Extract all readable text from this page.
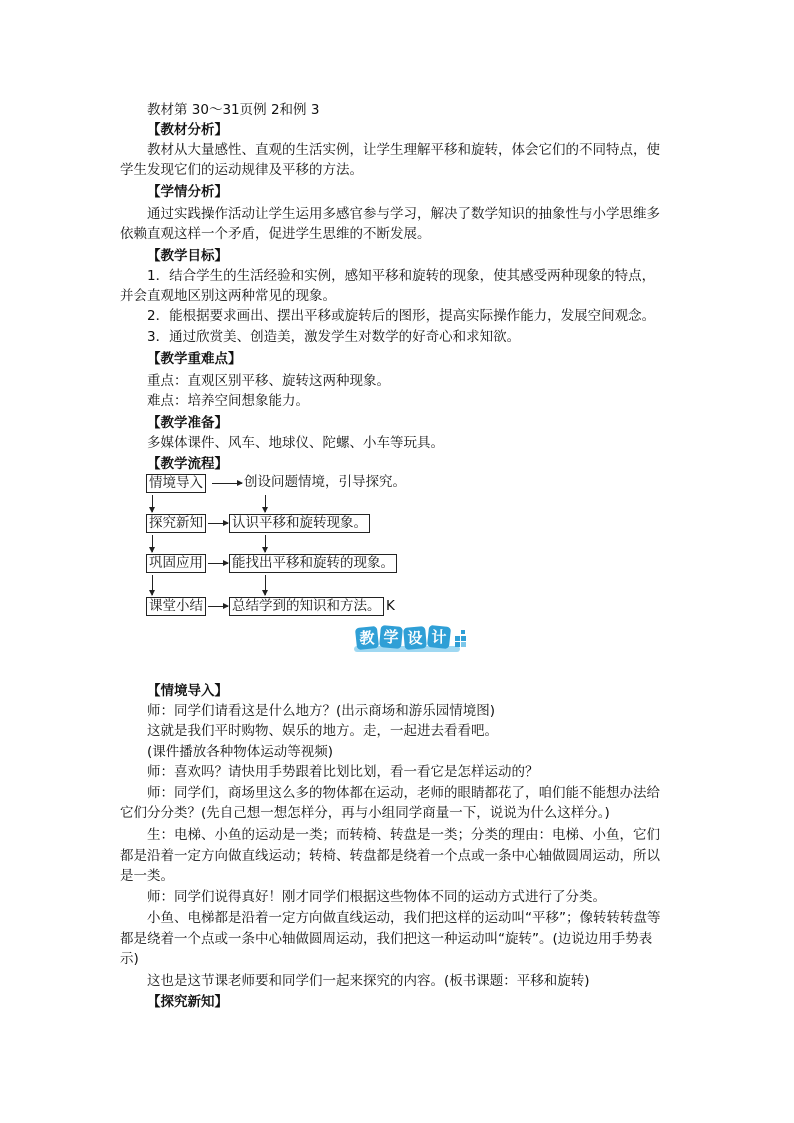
教材第 30～31页例 2和例 3
【教材分析】
教材从大量感性、直观的生活实例，让学生理解平移和旋转，体会它们的不同特点，使
学生发现它们的运动规律及平移的方法。
【学情分析】
通过实践操作活动让学生运用多感官参与学习，解决了数学知识的抽象性与小学思维多
依赖直观这样一个矛盾，促进学生思维的不断发展。
【教学目标】
1．结合学生的生活经验和实例，感知平移和旋转的现象，使其感受两种现象的特点，
并会直观地区别这两种常见的现象。
2．能根据要求画出、摆出平移或旋转后的图形，提高实际操作能力，发展空间观念。
3．通过欣赏美、创造美，激发学生对数学的好奇心和求知欲。
【教学重难点】
重点：直观区别平移、旋转这两种现象。
难点：培养空间想象能力。
【教学准备】
多媒体课件、风车、地球仪、陀螺、小车等玩具。
【教学流程】
情境导入	创设问题情境，引导探究。
探究新知 认识平移和旋转现象。
巩固应用 能找出平移和旋转的现象。
课堂小结 总结学到的知识和方法。 K
教 学 设 计
【情境导入】
师：同学们请看这是什么地方？(出示商场和游乐园情境图)
这就是我们平时购物、娱乐的地方。走，一起进去看看吧。
(课件播放各种物体运动等视频)
师：喜欢吗？请快用手势跟着比划比划，看一看它是怎样运动的？
师：同学们，商场里这么多的物体都在运动，老师的眼睛都花了，咱们能不能想办法给
它们分分类？(先自己想一想怎样分，再与小组同学商量一下，说说为什么这样分。)
生：电梯、小鱼的运动是一类；而转椅、转盘是一类；分类的理由：电梯、小鱼，它们
都是沿着一定方向做直线运动；转椅、转盘都是绕着一个点或一条中心轴做圆周运动，所以
是一类。
师：同学们说得真好！刚才同学们根据这些物体不同的运动方式进行了分类。
小鱼、电梯都是沿着一定方向做直线运动，我们把这样的运动叫“平移”；像转转转盘等
都是绕着一个点或一条中心轴做圆周运动，我们把这一种运动叫“旋转”。(边说边用手势表
示)
这也是这节课老师要和同学们一起来探究的内容。(板书课题：平移和旋转)
【探究新知】
